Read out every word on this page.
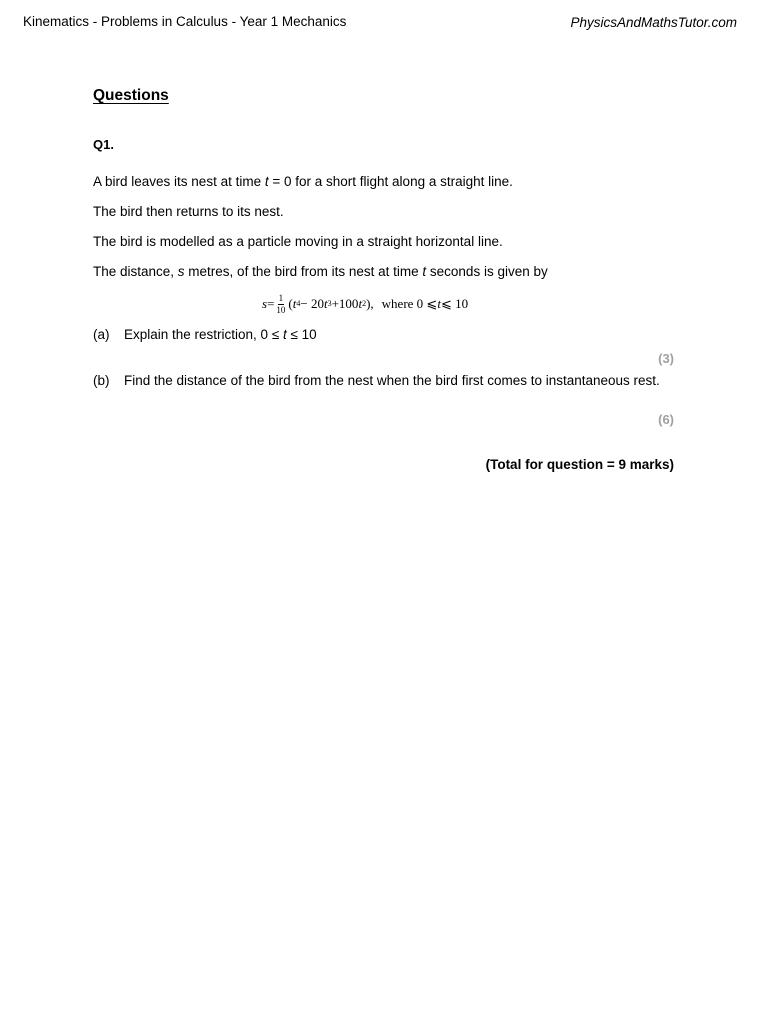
Kinematics - Problems in Calculus - Year 1 Mechanics	PhysicsAndMathsTutor.com
Questions
Q1.
A bird leaves its nest at time t = 0 for a short flight along a straight line.
The bird then returns to its nest.
The bird is modelled as a particle moving in a straight horizontal line.
The distance, s metres, of the bird from its nest at time t seconds is given by
$s = \frac{1}{10}$ ( t 4 − 20 t 3 +100 t 2 ), where 0 ⩽ t ⩽ 10
(a) Explain the restriction, 0 ≤ t ≤ 10
(3)
(b) Find the distance of the bird from the nest when the bird first comes to instantaneous rest.
(6)
(Total for question = 9 marks)
